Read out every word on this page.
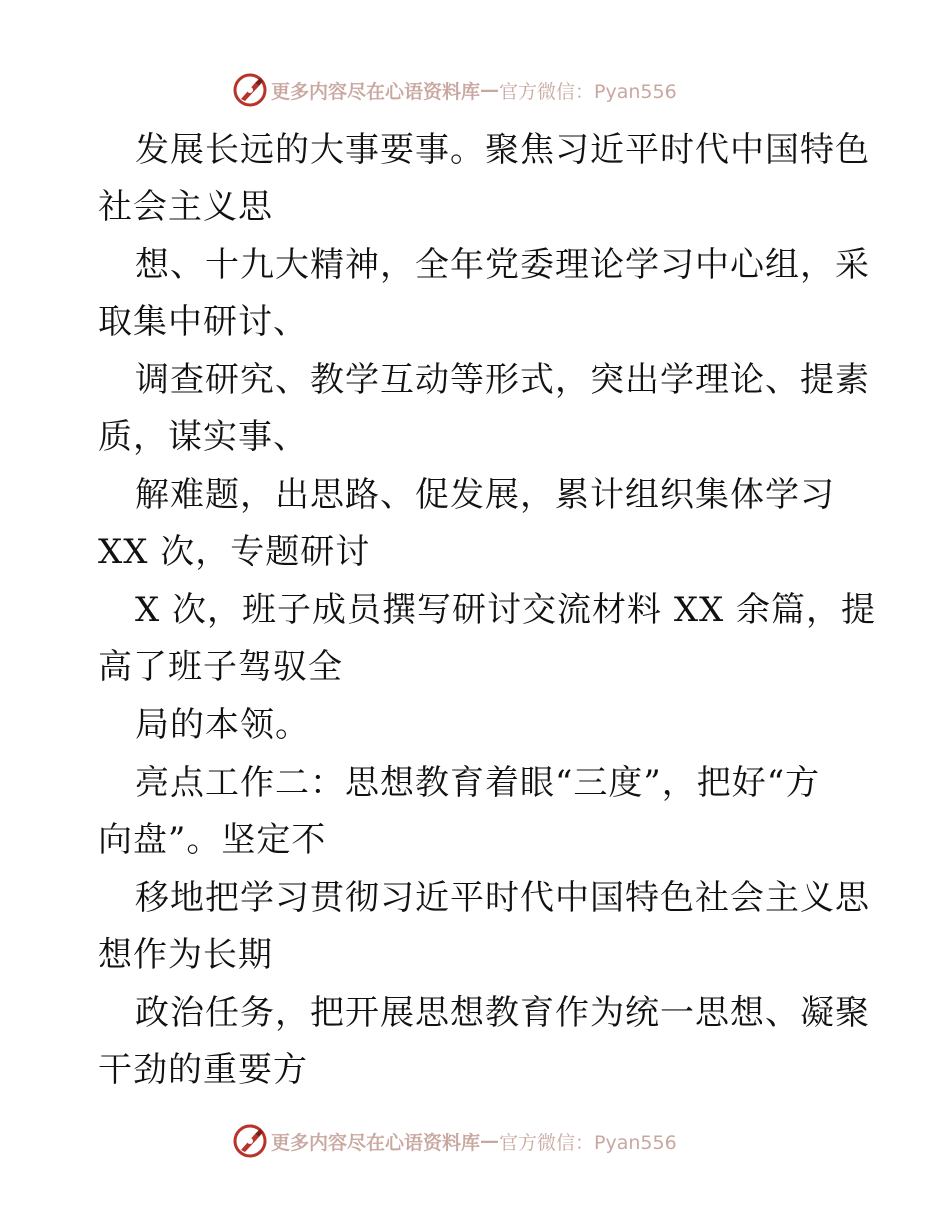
更多内容尽在心语资料库 — 官方微信：Pyan556
发展长远的大事要事。聚焦习近平时代中国特色
社会主义思
想、十九大精神，全年党委理论学习中心组，采
取集中研讨、
调查研究、教学互动等形式，突出学理论、提素
质，谋实事、
解难题，出思路、促发展，累计组织集体学习
XX 次，专题研讨
X 次，班子成员撰写研讨交流材料 XX 余篇，提
高了班子驾驭全
局的本领。
亮点工作二：思想教育着眼“三度”，把好“方
向盘”。坚定不
移地把学习贯彻习近平时代中国特色社会主义思
想作为长期
政治任务，把开展思想教育作为统一思想、凝聚
干劲的重要方
更多内容尽在心语资料库 — 官方微信：Pyan556
